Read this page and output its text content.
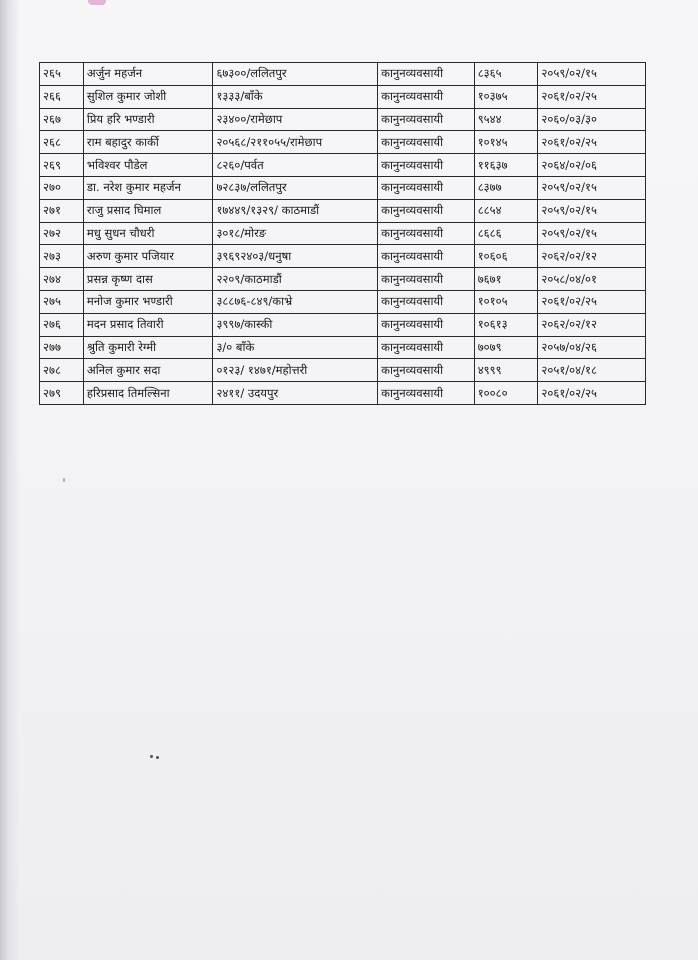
२६५	अर्जुन महर्जन	६७३००/ललितपुर	कानुनव्यवसायी	८३६५	२०५९/०२/१५
२६६	सुशिल कुमार जोशी	१३३३/बाँके	कानुनव्यवसायी	१०३७५	२०६१/०२/२५
२६७	प्रिय हरि भण्डारी	२३४००/रामेछाप	कानुनव्यवसायी	९५४४	२०६०/०३/३०
२६८	राम बहादुर कार्की	२०५६८/२११०५५/रामेछाप	कानुनव्यवसायी	१०१४५	२०६१/०२/२५
२६९	भविश्वर पौडेल	८२६०/पर्वत	कानुनव्यवसायी	११६३७	२०६४/०२/०६
२७०	डा. नरेश कुमार महर्जन	७२८३७/ललितपुर	कानुनव्यवसायी	८३७७	२०५९/०२/१५
२७१	राजु प्रसाद घिमाल	१७४४९/१३२९/ काठमाडौं	कानुनव्यवसायी	८८५४	२०५९/०२/१५
२७२	मधु सुधन चौधरी	३०१८/मोरङ	कानुनव्यवसायी	८६८६	२०५९/०२/१५
२७३	अरुण कुमार पजियार	३९६९२४०३/धनुषा	कानुनव्यवसायी	१०६०६	२०६२/०२/१२
२७४	प्रसन्न कृष्ण दास	२२०९/काठमाडौं	कानुनव्यवसायी	७६७१	२०५८/०४/०१
२७५	मनोज कुमार भण्डारी	३८८७६-८४९/काभ्रे	कानुनव्यवसायी	१०१०५	२०६१/०२/२५
२७६	मदन प्रसाद तिवारी	३९९७/कास्की	कानुनव्यवसायी	१०६१३	२०६२/०२/१२
२७७	श्रुति कुमारी रेग्मी	३/० बाँके	कानुनव्यवसायी	७०७९	२०५७/०४/२६
२७८	अनिल कुमार सदा	०१२३/ १४७१/महोत्तरी	कानुनव्यवसायी	४९९९	२०५१/०४/१८
२७९	हरिप्रसाद तिमल्सिना	२४११/ उदयपुर	कानुनव्यवसायी	१००८०	२०६१/०२/२५
